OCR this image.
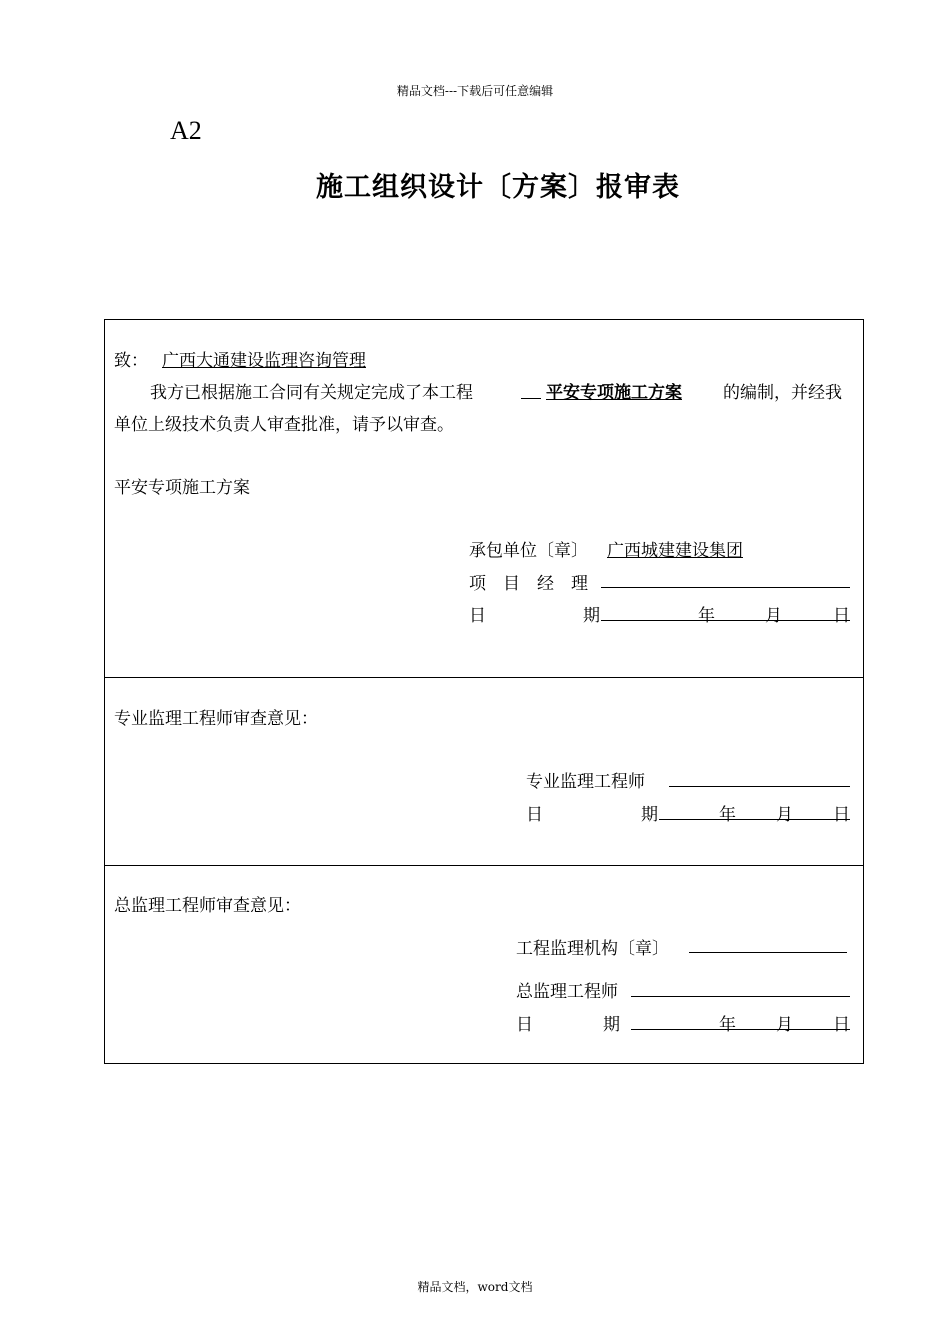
精品文档---下载后可任意编辑
A2
施工组织设计〔方案〕报审表
致： 广西大通建设监理咨询管理
我方已根据施工合同有关规定完成了本工程	平安专项施工方案	的编制，并经我
单位上级技术负责人审查批准，请予以审查。
平安专项施工方案
承包单位〔章〕	广西城建建设集团
项　目　经　理
日	期	年	月	日
专业监理工程师审查意见：
专业监理工程师
日	期	年 月 日
总监理工程师审查意见：
工程监理机构〔章〕
总监理工程师
日	期	年 月 日
精品文档，word文档
